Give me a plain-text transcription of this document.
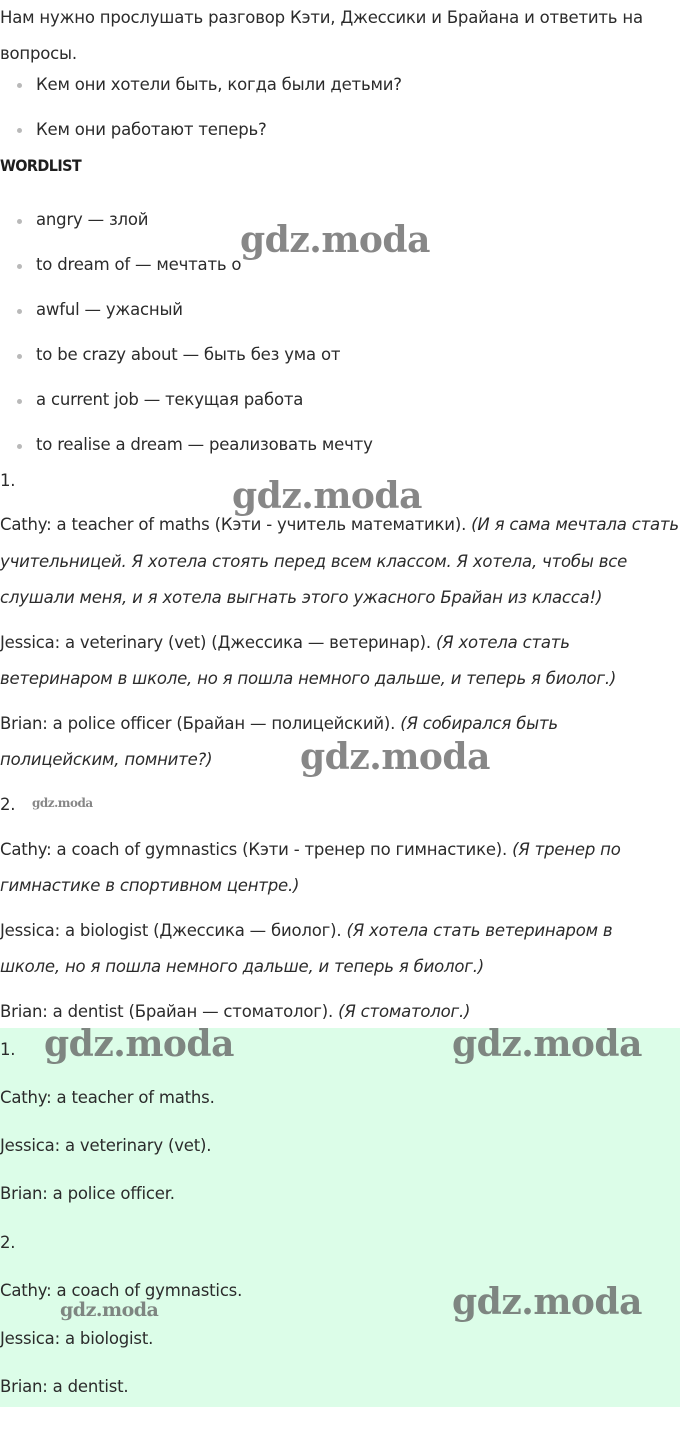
Нам нужно прослушать разговор Кэти, Джессики и Брайана и ответить на
вопросы.
Кем они хотели быть, когда были детьми?
Кем они работают теперь?
WORDLIST
angry — злой
to dream of — мечтать о
awful — ужасный
to be crazy about — быть без ума от
a current job — текущая работа
to realise a dream — реализовать мечту
1.
Cathy: a teacher of maths (Кэти - учитель математики). (И я сама мечтала стать
учительницей. Я хотела стоять перед всем классом. Я хотела, чтобы все
слушали меня, и я хотела выгнать этого ужасного Брайан из класса!)
Jessica: a veterinary (vet) (Джессика — ветеринар). (Я хотела стать
ветеринаром в школе, но я пошла немного дальше, и теперь я биолог.)
Brian: a police officer (Брайан — полицейский). (Я собирался быть
полицейским, помните?)
2.
Cathy: a coach of gymnastics (Кэти - тренер по гимнастике). (Я тренер по
гимнастике в спортивном центре.)
Jessica: a biologist (Джессика — биолог). (Я хотела стать ветеринаром в
школе, но я пошла немного дальше, и теперь я биолог.)
Brian: a dentist (Брайан — стоматолог). (Я стоматолог.)
1.
Cathy: a teacher of maths.
Jessica: a veterinary (vet).
Brian: a police officer.
2.
Cathy: a coach of gymnastics.
Jessica: a biologist.
Brian: a dentist.
gdz.moda
gdz.moda
gdz.moda
gdz.moda
gdz.moda	gdz.moda
gdz.moda	gdz.moda
